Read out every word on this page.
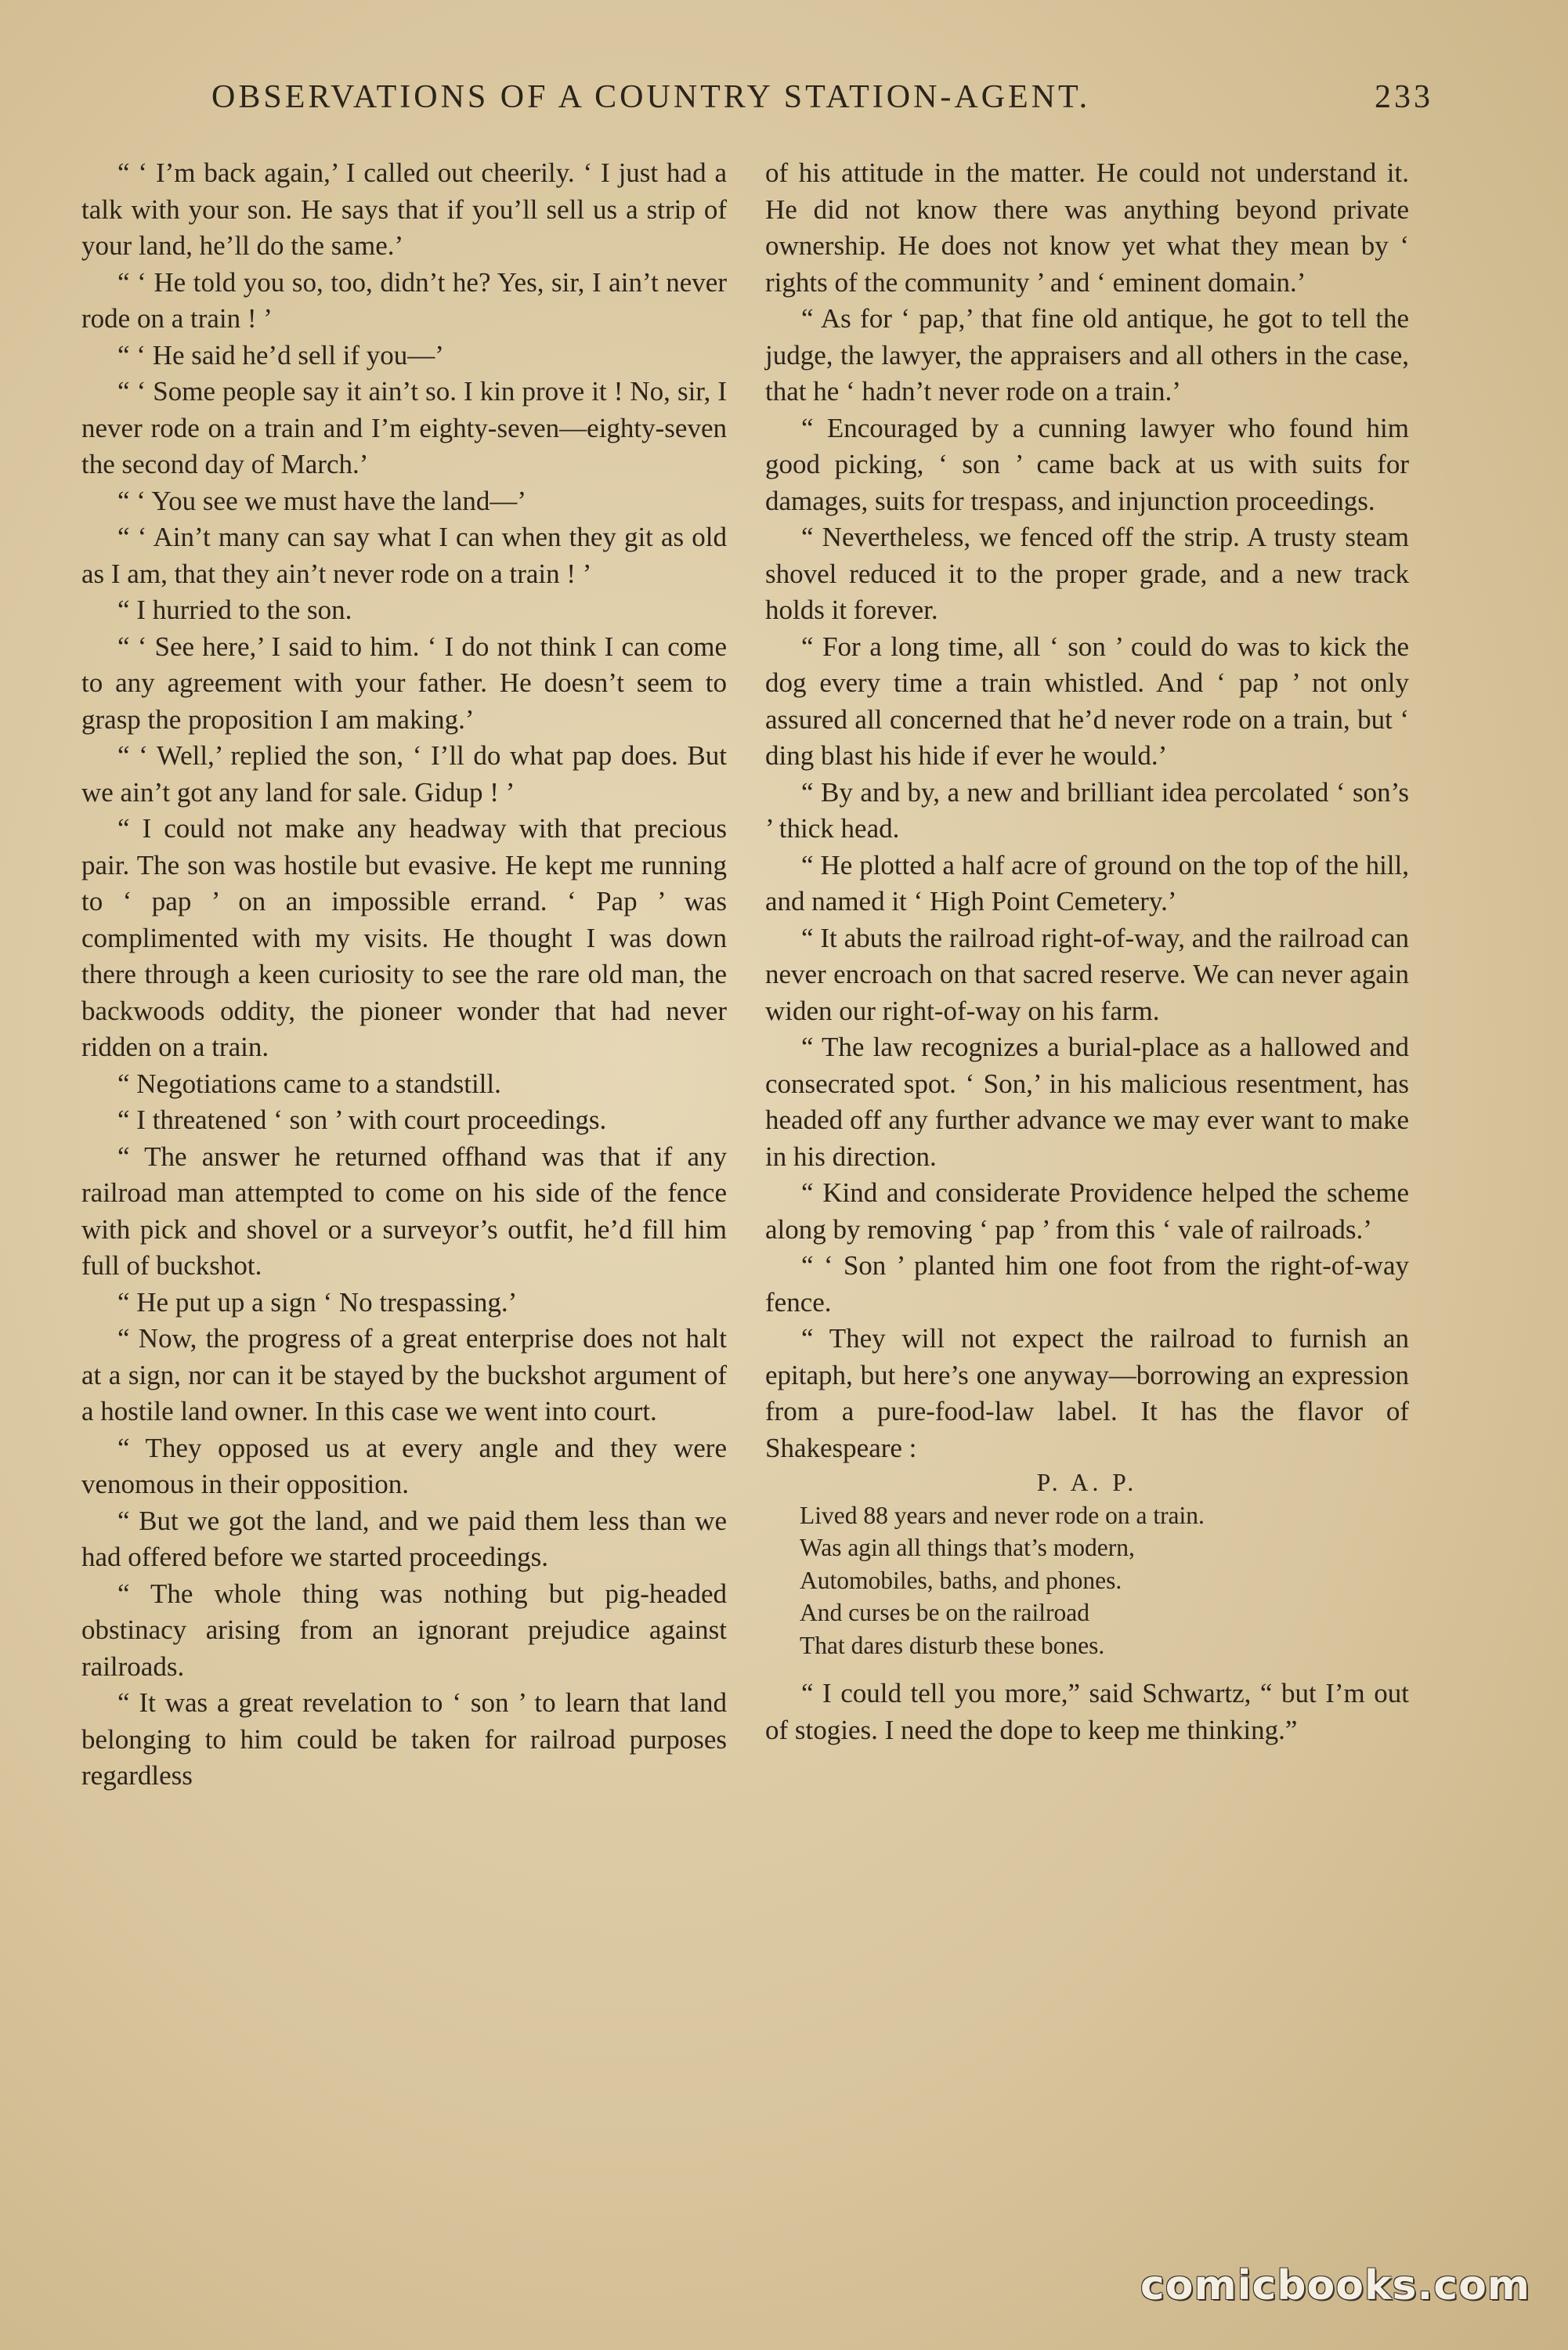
OBSERVATIONS OF A COUNTRY STATION-AGENT.	233

“ ‘ I’m back again,’ I called out cheerily. ‘ I just had a talk with your son. He says that if you’ll sell us a strip of your land, he’ll do the same.’

“ ‘ He told you so, too, didn’t he? Yes, sir, I ain’t never rode on a train ! ’

“ ‘ He said he’d sell if you—’

“ ‘ Some people say it ain’t so. I kin prove it ! No, sir, I never rode on a train and I’m eighty-seven—eighty-seven the second day of March.’

“ ‘ You see we must have the land—’

“ ‘ Ain’t many can say what I can when they git as old as I am, that they ain’t never rode on a train ! ’

“ I hurried to the son.

“ ‘ See here,’ I said to him. ‘ I do not think I can come to any agreement with your father. He doesn’t seem to grasp the proposition I am making.’

“ ‘ Well,’ replied the son, ‘ I’ll do what pap does. But we ain’t got any land for sale. Gidup ! ’

“ I could not make any headway with that precious pair. The son was hostile but evasive. He kept me running to ‘ pap ’ on an impossible errand. ‘ Pap ’ was complimented with my visits. He thought I was down there through a keen curiosity to see the rare old man, the backwoods oddity, the pioneer wonder that had never ridden on a train.

“ Negotiations came to a standstill.

“ I threatened ‘ son ’ with court proceedings.

“ The answer he returned offhand was that if any railroad man attempted to come on his side of the fence with pick and shovel or a surveyor’s outfit, he’d fill him full of buckshot.

“ He put up a sign ‘ No trespassing.’

“ Now, the progress of a great enterprise does not halt at a sign, nor can it be stayed by the buckshot argument of a hostile land owner. In this case we went into court.

“ They opposed us at every angle and they were venomous in their opposition.

“ But we got the land, and we paid them less than we had offered before we started proceedings.

“ The whole thing was nothing but pig-headed obstinacy arising from an ignorant prejudice against railroads.

“ It was a great revelation to ‘ son ’ to learn that land belonging to him could be taken for railroad purposes regardless

of his attitude in the matter. He could not understand it. He did not know there was anything beyond private ownership. He does not know yet what they mean by ‘ rights of the community ’ and ‘ eminent domain.’

“ As for ‘ pap,’ that fine old antique, he got to tell the judge, the lawyer, the appraisers and all others in the case, that he ‘ hadn’t never rode on a train.’

“ Encouraged by a cunning lawyer who found him good picking, ‘ son ’ came back at us with suits for damages, suits for trespass, and injunction proceedings.

“ Nevertheless, we fenced off the strip. A trusty steam shovel reduced it to the proper grade, and a new track holds it forever.

“ For a long time, all ‘ son ’ could do was to kick the dog every time a train whistled. And ‘ pap ’ not only assured all concerned that he’d never rode on a train, but ‘ ding blast his hide if ever he would.’

“ By and by, a new and brilliant idea percolated ‘ son’s ’ thick head.

“ He plotted a half acre of ground on the top of the hill, and named it ‘ High Point Cemetery.’

“ It abuts the railroad right-of-way, and the railroad can never encroach on that sacred reserve. We can never again widen our right-of-way on his farm.

“ The law recognizes a burial-place as a hallowed and consecrated spot. ‘ Son,’ in his malicious resentment, has headed off any further advance we may ever want to make in his direction.

“ Kind and considerate Providence helped the scheme along by removing ‘ pap ’ from this ‘ vale of railroads.’

“ ‘ Son ’ planted him one foot from the right-of-way fence.

“ They will not expect the railroad to furnish an epitaph, but here’s one anyway—borrowing an expression from a pure-food-law label. It has the flavor of Shakespeare :

P. A. P.
Lived 88 years and never rode on a train.
Was agin all things that’s modern,
Automobiles, baths, and phones.
And curses be on the railroad
That dares disturb these bones.

“ I could tell you more,” said Schwartz, “ but I’m out of stogies. I need the dope to keep me thinking.”

comicbooks.com
